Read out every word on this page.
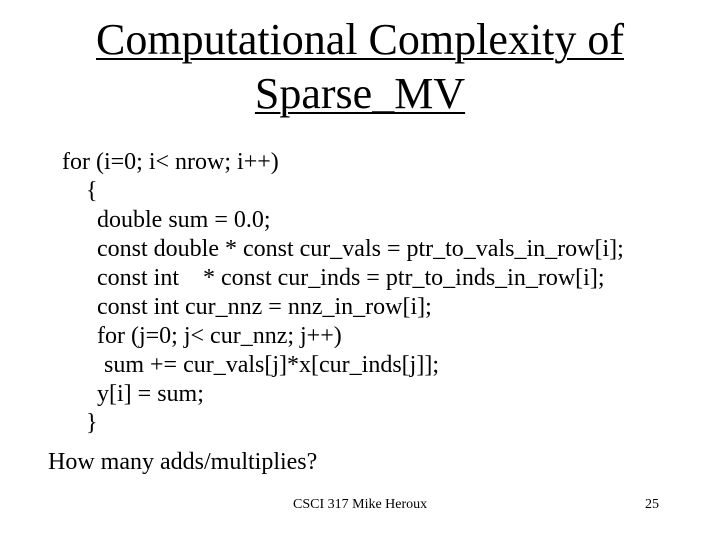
Computational Complexity of
Sparse_MV
for (i=0; i< nrow; i++)
{
double sum = 0.0;
const double * const cur_vals = ptr_to_vals_in_row[i];
const int    * const cur_inds = ptr_to_inds_in_row[i];
const int cur_nnz = nnz_in_row[i];
for (j=0; j< cur_nnz; j++)
sum += cur_vals[j]*x[cur_inds[j]];
y[i] = sum;
}
How many adds/multiplies?
CSCI 317 Mike Heroux	25
